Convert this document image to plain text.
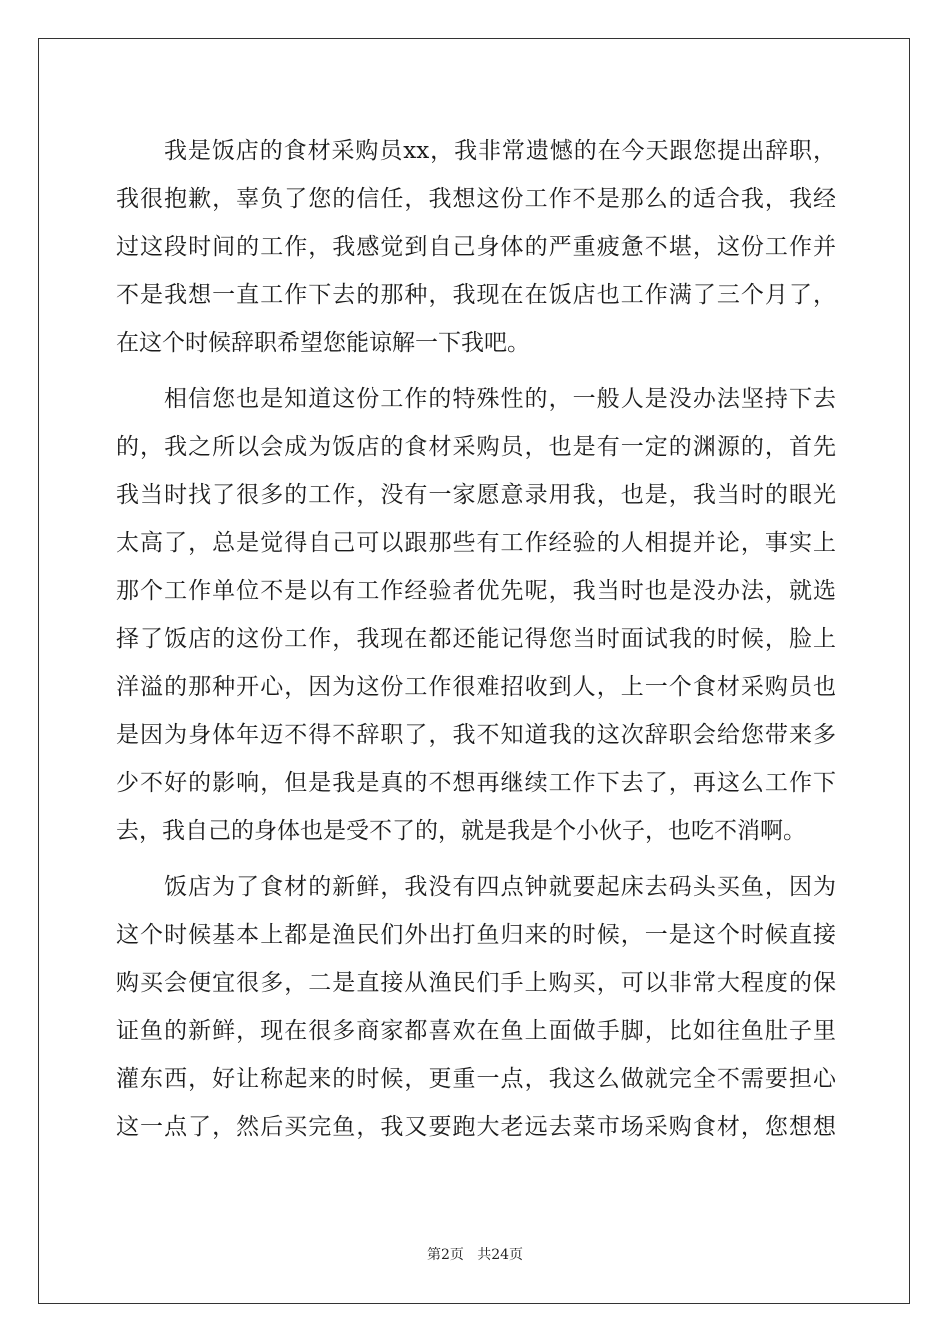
我是饭店的食材采购员xx，我非常遗憾的在今天跟您提出辞职，
我很抱歉，辜负了您的信任，我想这份工作不是那么的适合我，我经
过这段时间的工作，我感觉到自己身体的严重疲惫不堪，这份工作并
不是我想一直工作下去的那种，我现在在饭店也工作满了三个月了，
在这个时候辞职希望您能谅解一下我吧。
相信您也是知道这份工作的特殊性的，一般人是没办法坚持下去
的，我之所以会成为饭店的食材采购员，也是有一定的渊源的，首先
我当时找了很多的工作，没有一家愿意录用我，也是，我当时的眼光
太高了，总是觉得自己可以跟那些有工作经验的人相提并论，事实上
那个工作单位不是以有工作经验者优先呢，我当时也是没办法，就选
择了饭店的这份工作，我现在都还能记得您当时面试我的时候，脸上
洋溢的那种开心，因为这份工作很难招收到人，上一个食材采购员也
是因为身体年迈不得不辞职了，我不知道我的这次辞职会给您带来多
少不好的影响，但是我是真的不想再继续工作下去了，再这么工作下
去，我自己的身体也是受不了的，就是我是个小伙子，也吃不消啊。
饭店为了食材的新鲜，我没有四点钟就要起床去码头买鱼，因为
这个时候基本上都是渔民们外出打鱼归来的时候，一是这个时候直接
购买会便宜很多，二是直接从渔民们手上购买，可以非常大程度的保
证鱼的新鲜，现在很多商家都喜欢在鱼上面做手脚，比如往鱼肚子里
灌东西，好让称起来的时候，更重一点，我这么做就完全不需要担心
这一点了，然后买完鱼，我又要跑大老远去菜市场采购食材，您想想
第2页   共24页
